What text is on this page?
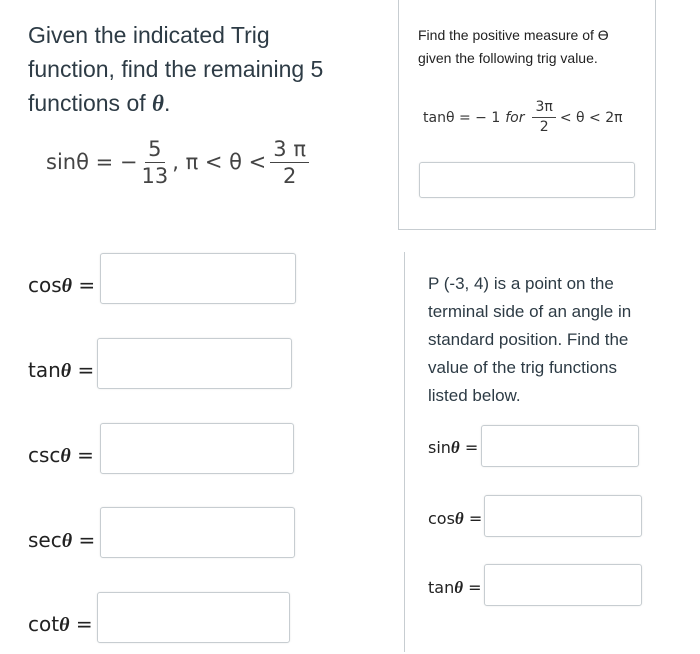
Given the indicated Trig function, find the remaining 5 functions of θ.
sinθ = − $\frac{5}{13}$ , $\pi < \theta < \frac{3 \pi}{2}$
cosθ =
tanθ =
cscθ =
secθ =
cotθ =
Find the positive measure of ϴ given the following trig value.
tanθ = − 1 for $\frac{3\pi}{2} < \theta < 2\pi$
P (-3, 4) is a point on the terminal side of an angle in standard position. Find the value of the trig functions listed below.
sinθ =
cosθ =
tanθ =
